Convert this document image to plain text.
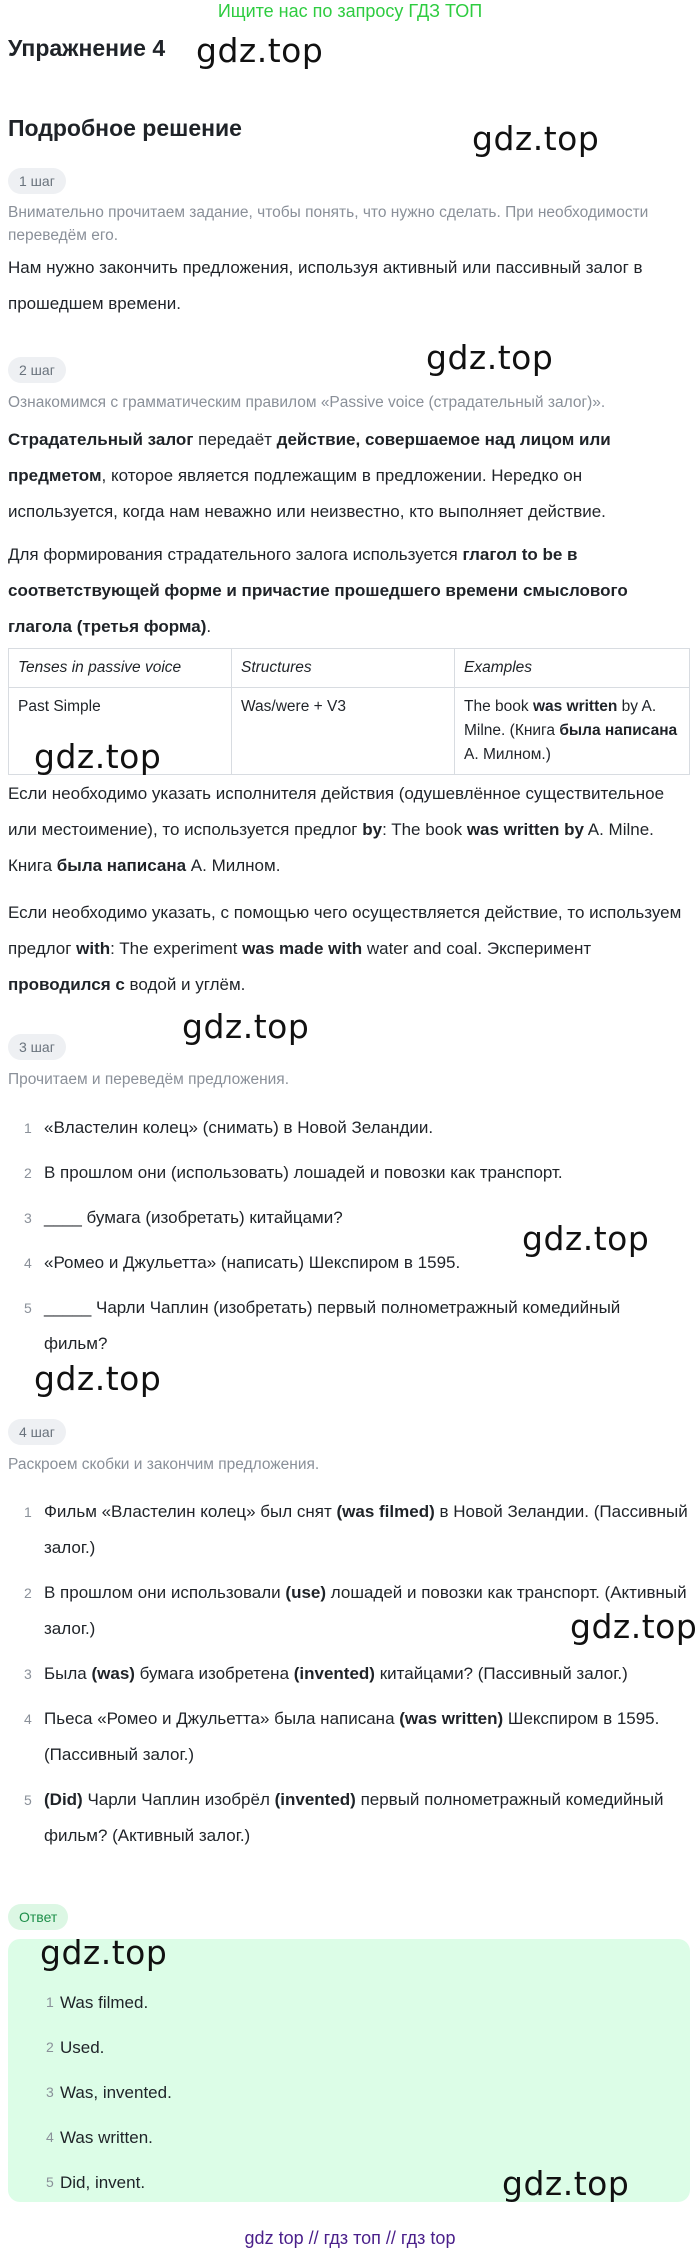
Ищите нас по запросу ГДЗ ТОП
Упражнение 4
Подробное решение
1 шаг
Внимательно прочитаем задание, чтобы понять, что нужно сделать. При необходимости переведём его.
Нам нужно закончить предложения, используя активный или пассивный залог в прошедшем времени.
2 шаг
Ознакомимся с грамматическим правилом «Passive voice (страдательный залог)».
Страдательный залог передаёт действие, совершаемое над лицом или предметом, которое является подлежащим в предложении. Нередко он используется, когда нам неважно или неизвестно, кто выполняет действие.
Для формирования страдательного залога используется глагол to be в соответствующей форме и причастие прошедшего времени смыслового глагола (третья форма).
Tenses in passive voice	Structures	Examples
Past Simple	Was/were + V3	The book was written by A. Milne. (Книга была написана А. Милном.)
Если необходимо указать исполнителя действия (одушевлённое существительное или местоимение), то используется предлог by: The book was written by A. Milne. Книга была написана А. Милном.
Если необходимо указать, с помощью чего осуществляется действие, то используем предлог with: The experiment was made with water and coal. Эксперимент проводился с водой и углём.
3 шаг
Прочитаем и переведём предложения.
1 «Властелин колец» (снимать) в Новой Зеландии.
2 В прошлом они (использовать) лошадей и повозки как транспорт.
3 ____ бумага (изобретать) китайцами?
4 «Ромео и Джульетта» (написать) Шекспиром в 1595.
5 _____ Чарли Чаплин (изобретать) первый полнометражный комедийный фильм?
4 шаг
Раскроем скобки и закончим предложения.
1 Фильм «Властелин колец» был снят (was filmed) в Новой Зеландии. (Пассивный залог.)
2 В прошлом они использовали (use) лошадей и повозки как транспорт. (Активный залог.)
3 Была (was) бумага изобретена (invented) китайцами? (Пассивный залог.)
4 Пьеса «Ромео и Джульетта» была написана (was written) Шекспиром в 1595. (Пассивный залог.)
5 (Did) Чарли Чаплин изобрёл (invented) первый полнометражный комедийный фильм? (Активный залог.)
Ответ
1 Was filmed.
2 Used.
3 Was, invented.
4 Was written.
5 Did, invent.
gdz.top
gdz.top
gdz.top
gdz.top
gdz.top
gdz.top
gdz.top
gdz.top
gdz.top
gdz.top
gdz top // гдз топ // гдз top
